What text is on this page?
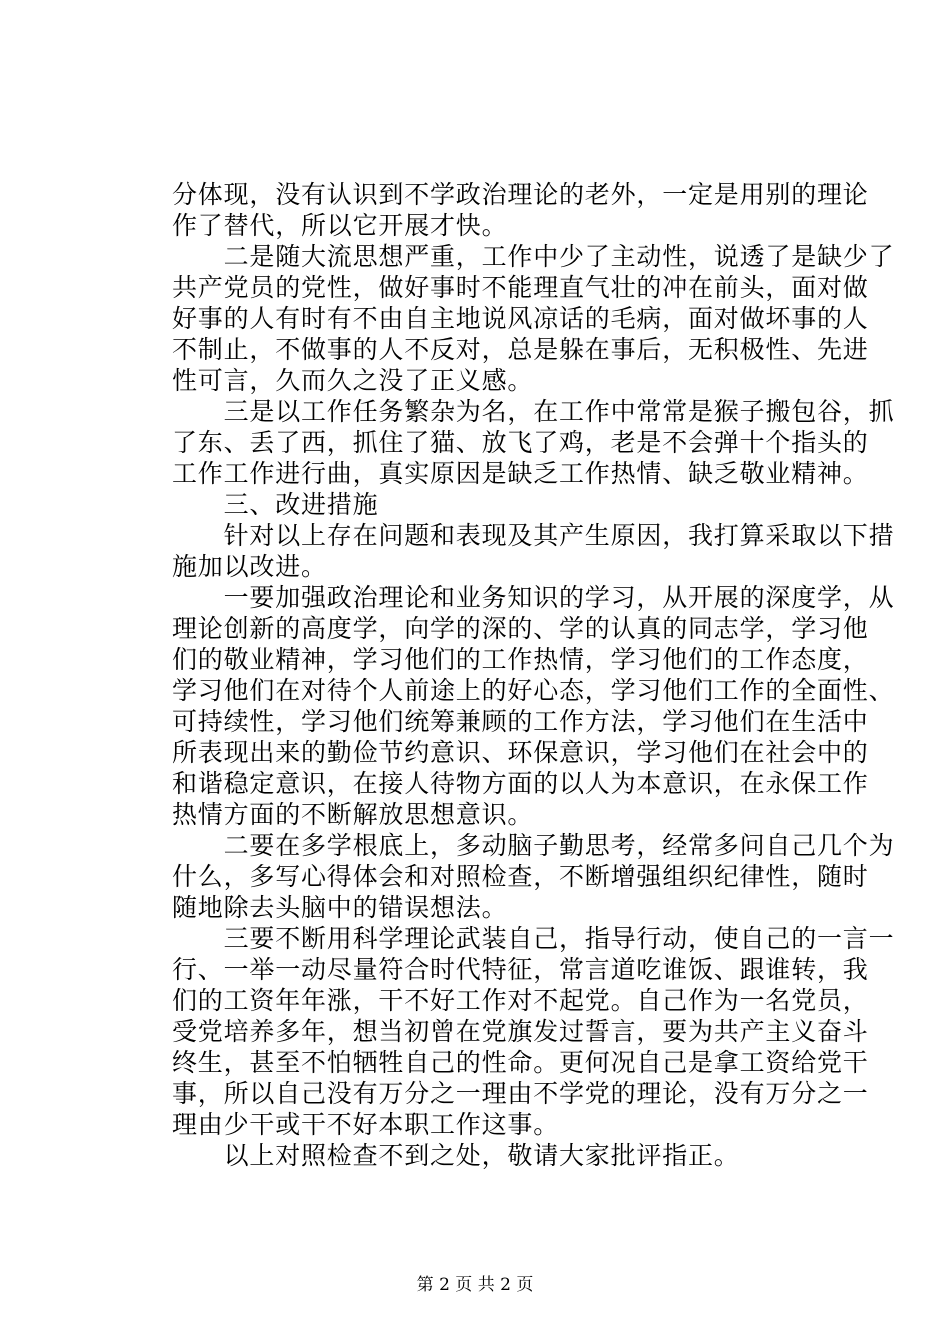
分体现，没有认识到不学政治理论的老外，一定是用别的理论
作了替代，所以它开展才快。
　　二是随大流思想严重，工作中少了主动性，说透了是缺少了
共产党员的党性，做好事时不能理直气壮的冲在前头，面对做
好事的人有时有不由自主地说风凉话的毛病，面对做坏事的人
不制止，不做事的人不反对，总是躲在事后，无积极性、先进
性可言，久而久之没了正义感。
　　三是以工作任务繁杂为名，在工作中常常是猴子搬包谷，抓
了东、丢了西，抓住了猫、放飞了鸡，老是不会弹十个指头的
工作工作进行曲，真实原因是缺乏工作热情、缺乏敬业精神。
　　三、改进措施
　　针对以上存在问题和表现及其产生原因，我打算采取以下措
施加以改进。
　　一要加强政治理论和业务知识的学习，从开展的深度学，从
理论创新的高度学，向学的深的、学的认真的同志学，学习他
们的敬业精神，学习他们的工作热情，学习他们的工作态度，
学习他们在对待个人前途上的好心态，学习他们工作的全面性、
可持续性，学习他们统筹兼顾的工作方法，学习他们在生活中
所表现出来的勤俭节约意识、环保意识，学习他们在社会中的
和谐稳定意识，在接人待物方面的以人为本意识，在永保工作
热情方面的不断解放思想意识。
　　二要在多学根底上，多动脑子勤思考，经常多问自己几个为
什么，多写心得体会和对照检查，不断增强组织纪律性，随时
随地除去头脑中的错误想法。
　　三要不断用科学理论武装自己，指导行动，使自己的一言一
行、一举一动尽量符合时代特征，常言道吃谁饭、跟谁转，我
们的工资年年涨，干不好工作对不起党。自己作为一名党员，
受党培养多年，想当初曾在党旗发过誓言，要为共产主义奋斗
终生，甚至不怕牺牲自己的性命。更何况自己是拿工资给党干
事，所以自己没有万分之一理由不学党的理论，没有万分之一
理由少干或干不好本职工作这事。
　　以上对照检查不到之处，敬请大家批评指正。
第 2 页 共 2 页
